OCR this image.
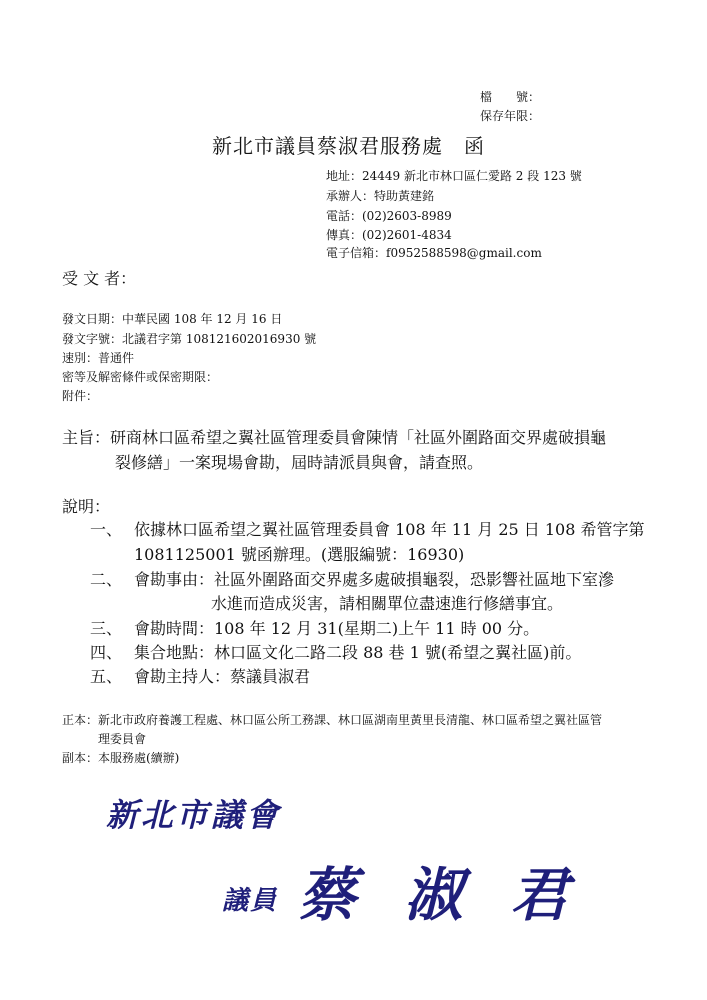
檔　　號：
保存年限：
新北市議員蔡淑君服務處　函
地址：24449 新北市林口區仁愛路 2 段 123 號
承辦人：特助黃建銘
電話：(02)2603-8989
傳真：(02)2601-4834
電子信箱：f0952588598@gmail.com
受 文 者：
發文日期：中華民國 108 年 12 月 16 日
發文字號：北議君字第 108121602016930 號
速別：普通件
密等及解密條件或保密期限：
附件：
主旨：研商林口區希望之翼社區管理委員會陳情「社區外圍路面交界處破損龜
裂修繕」一案現場會勘，屆時請派員與會，請查照。
說明：
一、 依據林口區希望之翼社區管理委員會 108 年 11 月 25 日 108 希管字第
1081125001 號函辦理。(選服編號：16930)
二、 會勘事由：社區外圍路面交界處多處破損龜裂，恐影響社區地下室滲
水進而造成災害，請相關單位盡速進行修繕事宜。
三、 會勘時間：108 年 12 月 31(星期二)上午 11 時 00 分。
四、 集合地點：林口區文化二路二段 88 巷 1 號(希望之翼社區)前。
五、 會勘主持人：蔡議員淑君
正本：新北市政府養護工程處、林口區公所工務課、林口區湖南里黃里長清龍、林口區希望之翼社區管
理委員會
副本：本服務處(續辦)
新北市議會
議員 蔡 淑 君
